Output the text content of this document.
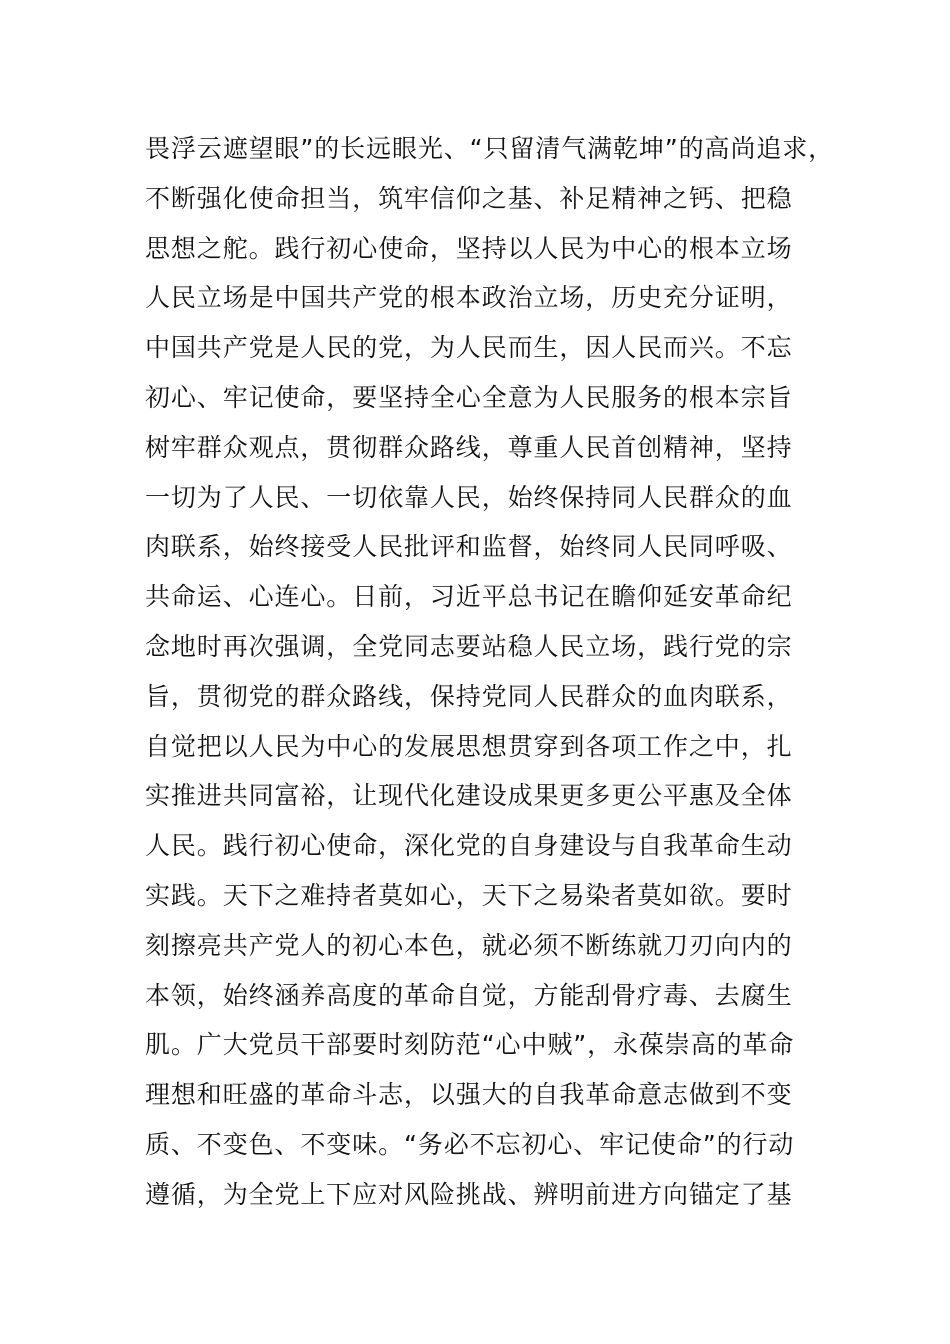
畏浮云遮望眼”的长远眼光、“只留清气满乾坤”的高尚追求，
不断强化使命担当，筑牢信仰之基、补足精神之钙、把稳
思想之舵。践行初心使命，坚持以人民为中心的根本立场
人民立场是中国共产党的根本政治立场，历史充分证明，
中国共产党是人民的党，为人民而生，因人民而兴。不忘
初心、牢记使命，要坚持全心全意为人民服务的根本宗旨
树牢群众观点，贯彻群众路线，尊重人民首创精神，坚持
一切为了人民、一切依靠人民，始终保持同人民群众的血
肉联系，始终接受人民批评和监督，始终同人民同呼吸、
共命运、心连心。日前，习近平总书记在瞻仰延安革命纪
念地时再次强调，全党同志要站稳人民立场，践行党的宗
旨，贯彻党的群众路线，保持党同人民群众的血肉联系，
自觉把以人民为中心的发展思想贯穿到各项工作之中，扎
实推进共同富裕，让现代化建设成果更多更公平惠及全体
人民。践行初心使命，深化党的自身建设与自我革命生动
实践。天下之难持者莫如心，天下之易染者莫如欲。要时
刻擦亮共产党人的初心本色，就必须不断练就刀刃向内的
本领，始终涵养高度的革命自觉，方能刮骨疗毒、去腐生
肌。广大党员干部要时刻防范“心中贼”，永葆崇高的革命
理想和旺盛的革命斗志，以强大的自我革命意志做到不变
质、不变色、不变味。“务必不忘初心、牢记使命”的行动
遵循，为全党上下应对风险挑战、辨明前进方向锚定了基
